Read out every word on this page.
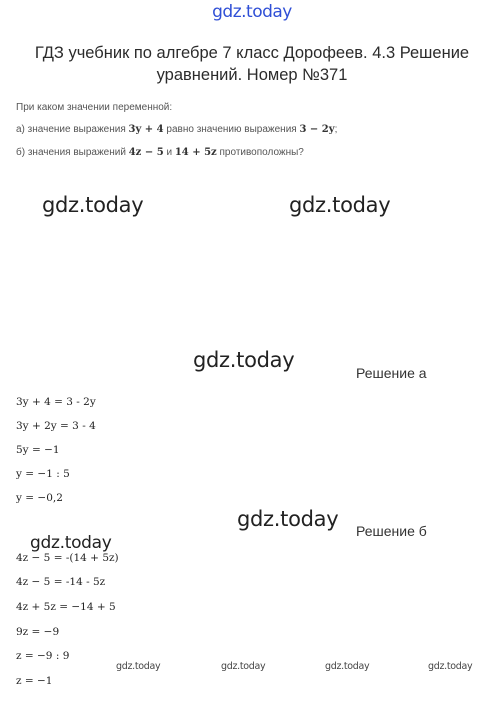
gdz.today
ГДЗ учебник по алгебре 7 класс Дорофеев. 4.3 Решение уравнений. Номер №371
При каком значении переменной:
а) значение выражения 3y + 4 равно значению выражения 3 − 2y;
б) значения выражений 4z − 5 и 14 + 5z противоположны?
gdz.today	gdz.today
gdz.today
Решение а
3y + 4 = 3 - 2y
3y + 2y = 3 - 4
5y = −1
y = −1 : 5
y = −0,2
gdz.today Решение б
gdz.today
4z − 5 = -(14 + 5z)
4z − 5 = -14 - 5z
4z + 5z = −14 + 5
9z = −9
z = −9 : 9
z = −1
gdz.today	gdz.today	gdz.today	gdz.today
